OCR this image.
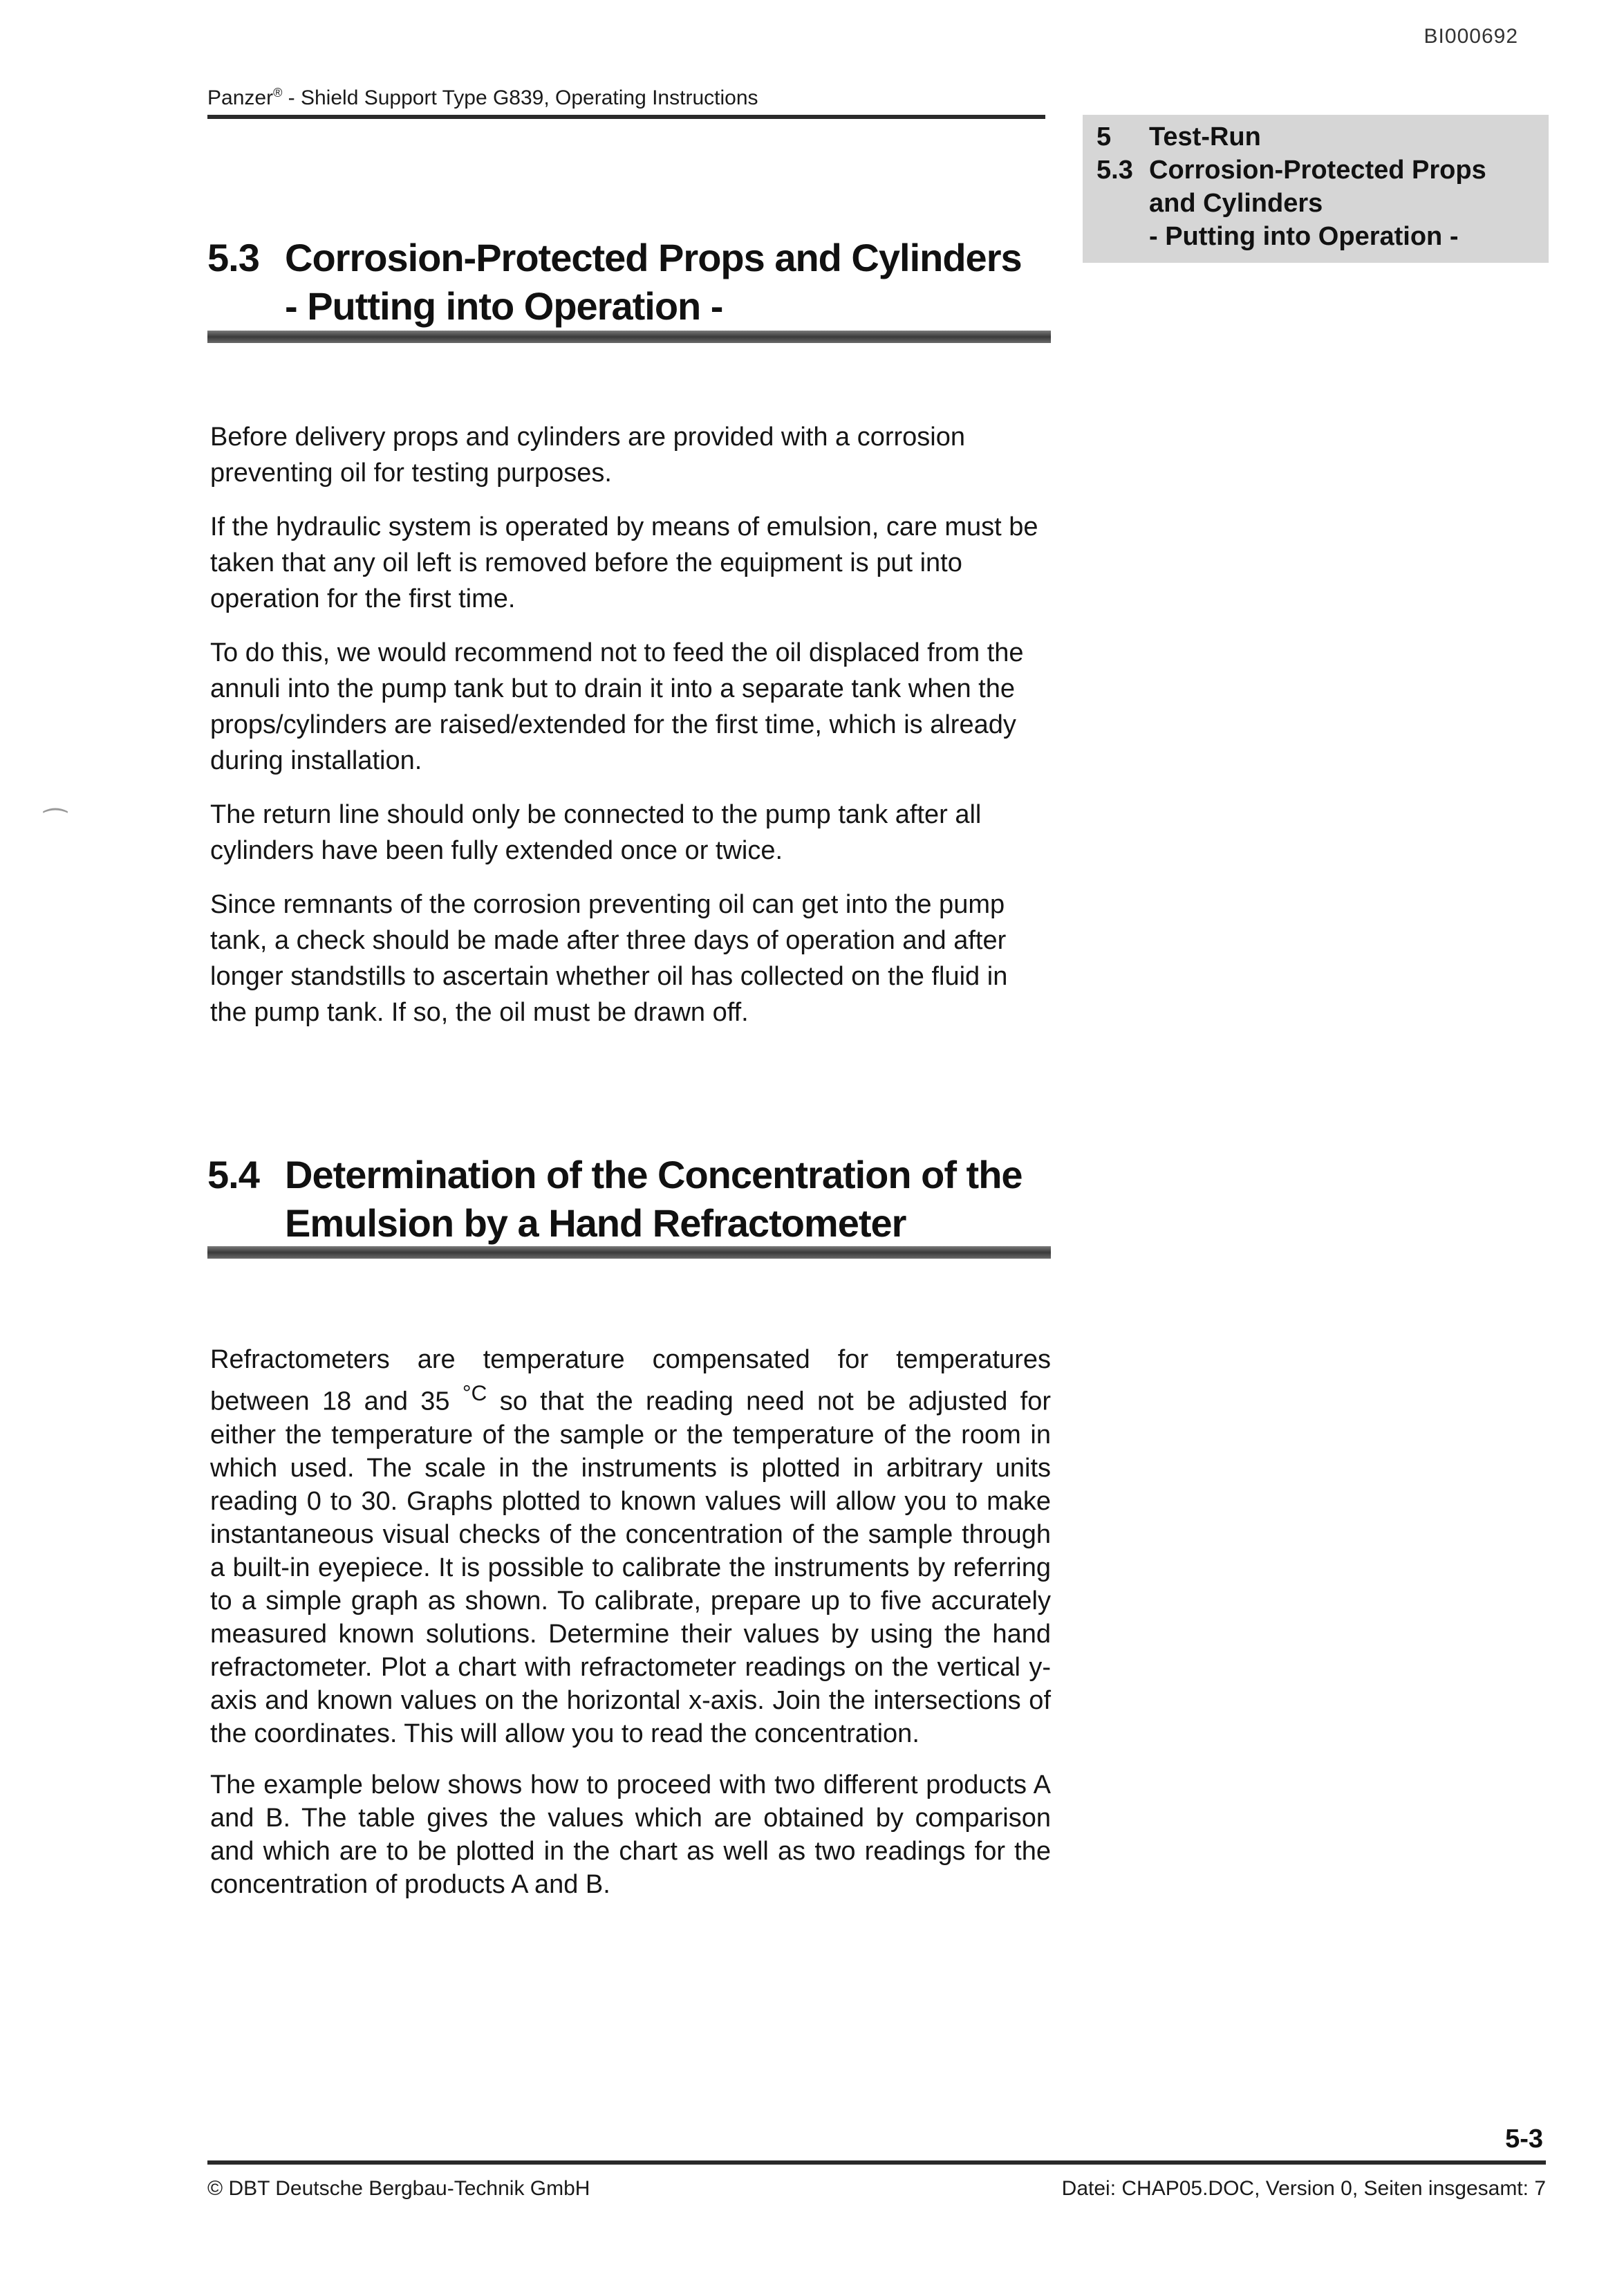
BI000692
Panzer® - Shield Support Type G839, Operating Instructions
5	Test-Run
5.3 Corrosion-Protected Props
and Cylinders
- Putting into Operation -
5.3 Corrosion-Protected Props and Cylinders
- Putting into Operation -

Before delivery props and cylinders are provided with a corrosion preventing oil for testing purposes.

If the hydraulic system is operated by means of emulsion, care must be taken that any oil left is removed before the equipment is put into operation for the first time.

To do this, we would recommend not to feed the oil displaced from the annuli into the pump tank but to drain it into a separate tank when the props/cylinders are raised/extended for the first time, which is already during installation.

The return line should only be connected to the pump tank after all cylinders have been fully extended once or twice.

Since remnants of the corrosion preventing oil can get into the pump tank, a check should be made after three days of operation and after longer standstills to ascertain whether oil has collected on the fluid in the pump tank. If so, the oil must be drawn off.

⁀
5.4 Determination of the Concentration of the
Emulsion by a Hand Refractometer

Refractometers are temperature compensated for temperatures between 18 and 35 $^{^\circ C}$ so that the reading need not be adjusted for either the temperature of the sample or the temperature of the room in which used. The scale in the instruments is plotted in arbitrary units reading 0 to 30. Graphs plotted to known values will allow you to make instantaneous visual checks of the concentration of the sample through a built-in eyepiece. It is possible to calibrate the instruments by referring to a simple graph as shown. To calibrate, prepare up to five accurately measured known solutions. Determine their values by using the hand refractometer. Plot a chart with refractometer readings on the vertical y-axis and known values on the horizontal x-axis. Join the intersections of the coordinates. This will allow you to read the concentration.

The example below shows how to proceed with two different products A and B. The table gives the values which are obtained by comparison and which are to be plotted in the chart as well as two readings for the concentration of products A and B.

5-3
© DBT Deutsche Bergbau-Technik GmbH	Datei: CHAP05.DOC, Version 0, Seiten insgesamt: 7
